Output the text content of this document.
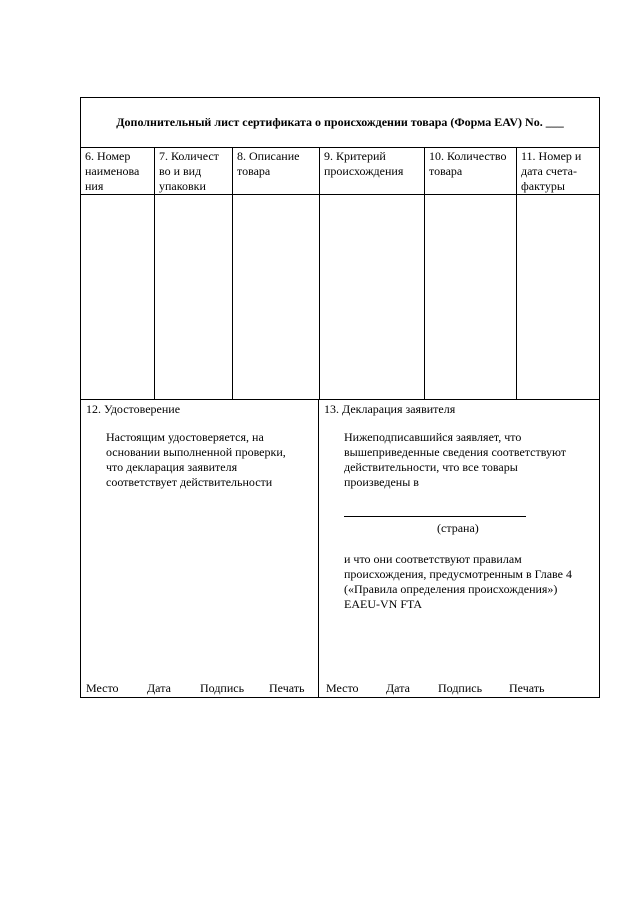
Дополнительный лист сертификата о происхождении товара (Форма EAV) No. ___
6. Номер
наименова
ния
7. Количест
во и вид
упаковки
8. Описание
товара
9. Критерий
происхождения
10. Количество
товара
11. Номер и
дата счета-
фактуры
12. Удостоверение
Настоящим удостоверяется, на
основании выполненной проверки,
что декларация заявителя
соответствует действительности
Место Дата Подпись Печать
13. Декларация заявителя
Нижеподписавшийся заявляет, что
вышеприведенные сведения соответствуют
действительности, что все товары
произведены в
(страна)
и что они соответствуют правилам
происхождения, предусмотренным в Главе 4
(«Правила определения происхождения»)
EAEU-VN FTA
Место Дата Подпись Печать
